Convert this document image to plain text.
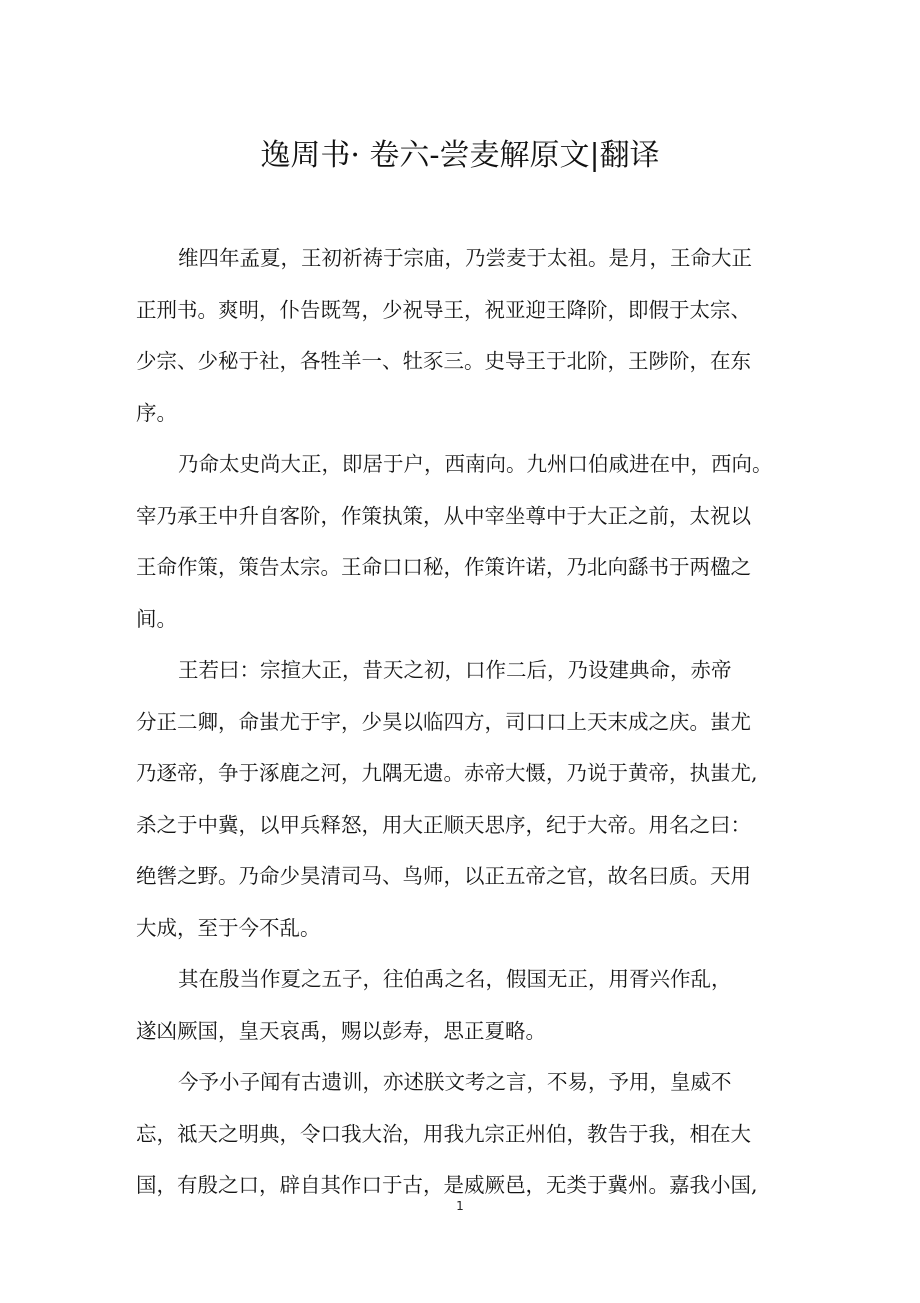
逸周书· 卷六-尝麦解原文|翻译
维四年孟夏，王初祈祷于宗庙，乃尝麦于太祖。是月，王命大正
正刑书。爽明，仆告既驾，少祝导王，祝亚迎王降阶，即假于太宗、
少宗、少秘于社，各牲羊一、牡豕三。史导王于北阶，王陟阶，在东
序。
乃命太史尚大正，即居于户，西南向。九州口伯咸进在中，西向。
宰乃承王中升自客阶，作策执策，从中宰坐尊中于大正之前，太祝以
王命作策，策告太宗。王命口口秘，作策许诺，乃北向繇书于两楹之
间。
王若曰：宗揎大正，昔天之初，口作二后，乃设建典命，赤帝
分正二卿，命蚩尤于宇，少昊以临四方，司口口上天末成之庆。蚩尤
乃逐帝，争于涿鹿之河，九隅无遗。赤帝大慑，乃说于黄帝，执蚩尤,
杀之于中冀，以甲兵释怒，用大正顺天思序，纪于大帝。用名之曰：
绝辔之野。乃命少昊清司马、鸟师，以正五帝之官，故名曰质。天用
大成，至于今不乱。
其在殷当作夏之五子，往伯禹之名，假国无正，用胥兴作乱，
遂凶厥国，皇天哀禹，赐以彭寿，思正夏略。
今予小子闻有古遗训，亦述朕文考之言，不易，予用，皇威不
忘，祗天之明典，令口我大治，用我九宗正州伯，教告于我，相在大
国，有殷之口，辟自其作口于古，是威厥邑，无类于冀州。嘉我小国,
1
